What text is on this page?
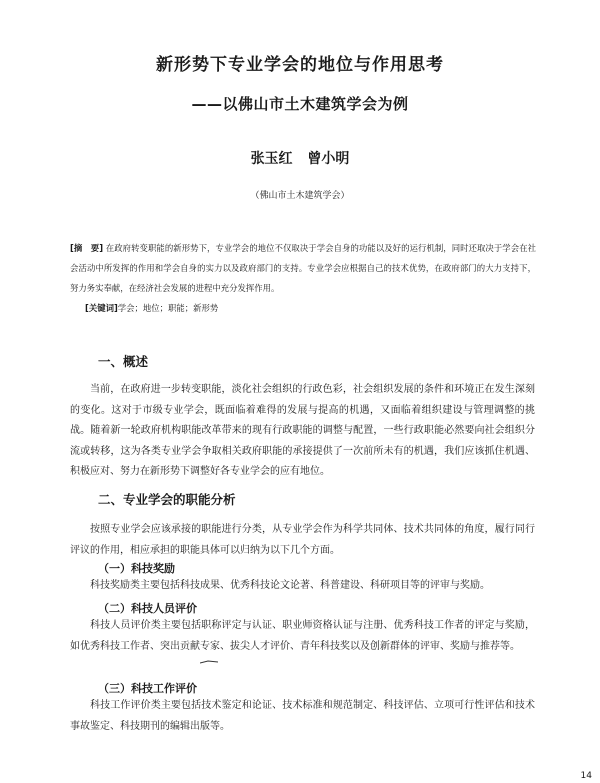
新形势下专业学会的地位与作用思考
——以佛山市土木建筑学会为例
张玉红 曾小明
（佛山市土木建筑学会）
[摘　要] 在政府转变职能的新形势下，专业学会的地位不仅取决于学会自身的功能以及好的运行机制，同时还取决于学会在社会活动中所发挥的作用和学会自身的实力以及政府部门的支持。专业学会应根据自己的技术优势，在政府部门的大力支持下，努力务实奉献，在经济社会发展的进程中充分发挥作用。
[关键词]学会；地位；职能；新形势
一、概述
当前，在政府进一步转变职能，淡化社会组织的行政色彩，社会组织发展的条件和环境正在发生深刻的变化。这对于市级专业学会，既面临着难得的发展与提高的机遇，又面临着组织建设与管理调整的挑战。随着新一轮政府机构职能改革带来的现有行政职能的调整与配置，一些行政职能必然要向社会组织分流或转移，这为各类专业学会争取相关政府职能的承接提供了一次前所未有的机遇，我们应该抓住机遇、积极应对、努力在新形势下调整好各专业学会的应有地位。
二、专业学会的职能分析
按照专业学会应该承接的职能进行分类，从专业学会作为科学共同体、技术共同体的角度，履行同行评议的作用，相应承担的职能具体可以归纳为以下几个方面。
（一）科技奖励
科技奖励类主要包括科技成果、优秀科技论文论著、科普建设、科研项目等的评审与奖励。
（二）科技人员评价
科技人员评价类主要包括职称评定与认证、职业师资格认证与注册、优秀科技工作者的评定与奖励，如优秀科技工作者、突出贡献专家、拔尖人才评价、青年科技奖以及创新群体的评审、奖励与推荐等。
（三）科技工作评价
科技工作评价类主要包括技术鉴定和论证、技术标准和规范制定、科技评估、立项可行性评估和技术事故鉴定、科技期刊的编辑出版等。
14
